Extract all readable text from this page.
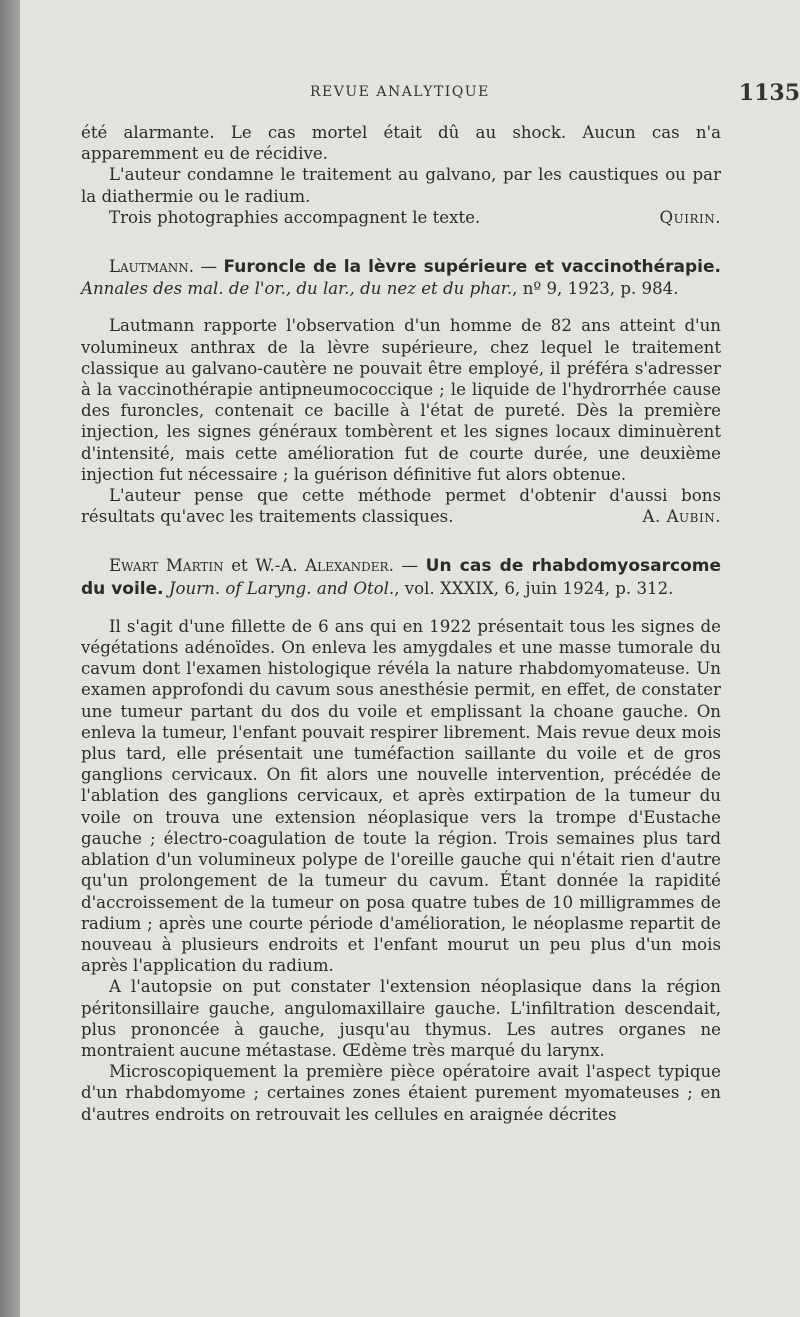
REVUE ANALYTIQUE	1135

été alarmante. Le cas mortel était dû au shock. Aucun cas n'a apparemment eu de récidive.

L'auteur condamne le traitement au galvano, par les caustiques ou par la diathermie ou le radium.

Trois photographies accompagnent le texte.	Quirin.

Lautmann. — Furoncle de la lèvre supérieure et vaccinothérapie. Annales des mal. de l'or., du lar., du nez et du phar., nº 9, 1923, p. 984.

Lautmann rapporte l'observation d'un homme de 82 ans atteint d'un volumineux anthrax de la lèvre supérieure, chez lequel le traitement classique au galvano-cautère ne pouvait être employé, il préféra s'adresser à la vaccinothérapie antipneumococcique ; le liquide de l'hydrorrhée cause des furoncles, contenait ce bacille à l'état de pureté. Dès la première injection, les signes généraux tombèrent et les signes locaux diminuèrent d'intensité, mais cette amélioration fut de courte durée, une deuxième injection fut nécessaire ; la guérison définitive fut alors obtenue.

L'auteur pense que cette méthode permet d'obtenir d'aussi bons résultats qu'avec les traitements classiques.	A. Aubin.

Ewart Martin et W.-A. Alexander. — Un cas de rhabdomyosarcome du voile. Journ. of Laryng. and Otol., vol. XXXIX, 6, juin 1924, p. 312.

Il s'agit d'une fillette de 6 ans qui en 1922 présentait tous les signes de végétations adénoïdes. On enleva les amygdales et une masse tumorale du cavum dont l'examen histologique révéla la nature rhabdomyomateuse. Un examen approfondi du cavum sous anesthésie permit, en effet, de constater une tumeur partant du dos du voile et emplissant la choane gauche. On enleva la tumeur, l'enfant pouvait respirer librement. Mais revue deux mois plus tard, elle présentait une tuméfaction saillante du voile et de gros ganglions cervicaux. On fit alors une nouvelle intervention, précédée de l'ablation des ganglions cervicaux, et après extirpation de la tumeur du voile on trouva une extension néoplasique vers la trompe d'Eustache gauche ; électro-coagulation de toute la région. Trois semaines plus tard ablation d'un volumineux polype de l'oreille gauche qui n'était rien d'autre qu'un prolongement de la tumeur du cavum. Étant donnée la rapidité d'accroissement de la tumeur on posa quatre tubes de 10 milligrammes de radium ; après une courte période d'amélioration, le néoplasme repartit de nouveau à plusieurs endroits et l'enfant mourut un peu plus d'un mois après l'application du radium.

A l'autopsie on put constater l'extension néoplasique dans la région péritonsillaire gauche, angulomaxillaire gauche. L'infiltration descendait, plus prononcée à gauche, jusqu'au thymus. Les autres organes ne montraient aucune métastase. Œdème très marqué du larynx.

Microscopiquement la première pièce opératoire avait l'aspect typique d'un rhabdomyome ; certaines zones étaient purement myomateuses ; en d'autres endroits on retrouvait les cellules en araignée décrites
